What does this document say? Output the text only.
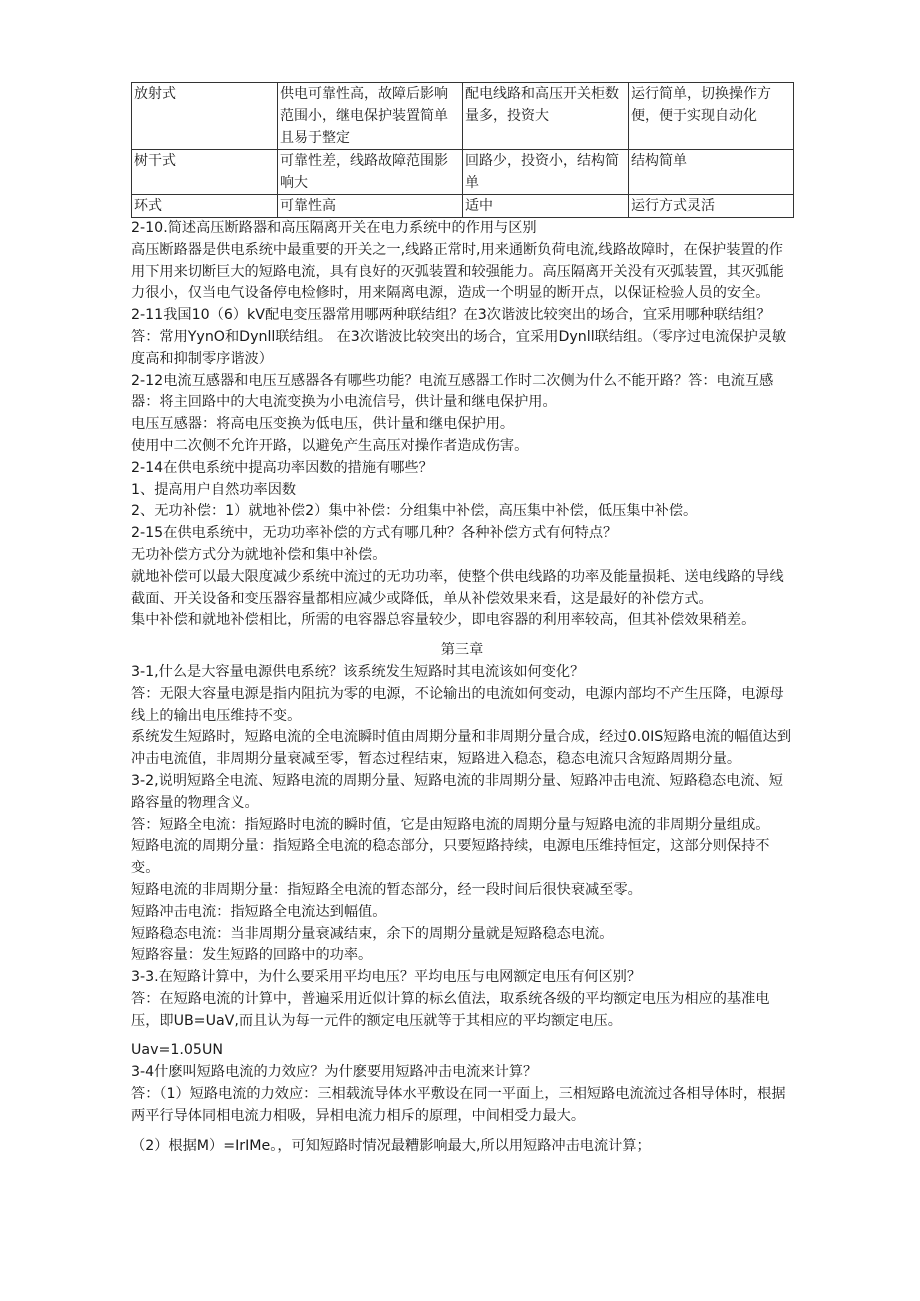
放射式	供电可靠性高，故障后影响范围小，继电保护装置简单且易于整定	配电线路和高压开关柜数量多，投资大	运行简单，切换操作方便，便于实现自动化
树干式	可靠性差，线路故障范围影响大	回路少，投资小，结构简单	结构简单
环式	可靠性高	适中	运行方式灵活

2-10.简述高压断路器和高压隔离开关在电力系统中的作用与区别

高压断路器是供电系统中最重要的开关之一,线路正常时,用来通断负荷电流,线路故障时，在保护装置的作用下用来切断巨大的短路电流，具有良好的灭弧装置和较强能力。高压隔离开关没有灭弧装置，其灭弧能力很小，仅当电气设备停电检修时，用来隔离电源，造成一个明显的断开点，以保证检验人员的安全。

2-11我国10（6）kV配电变压器常用哪两种联结组？在3次谐波比较突出的场合，宜采用哪种联结组？

答：常用YynO和Dynll联结组。 在3次谐波比较突出的场合，宜采用Dynll联结组。（零序过电流保护灵敏度高和抑制零序谐波）

2-12电流互感器和电压互感器各有哪些功能？电流互感器工作时二次侧为什么不能开路？答：电流互感器：将主回路中的大电流变换为小电流信号，供计量和继电保护用。

电压互感器：将高电压变换为低电压，供计量和继电保护用。

使用中二次侧不允许开路，以避免产生高压对操作者造成伤害。

2-14在供电系统中提高功率因数的措施有哪些？

1、提高用户自然功率因数

2、无功补偿：1）就地补偿2）集中补偿：分组集中补偿，高压集中补偿，低压集中补偿。

2-15在供电系统中，无功功率补偿的方式有哪几种？各种补偿方式有何特点？

无功补偿方式分为就地补偿和集中补偿。

就地补偿可以最大限度减少系统中流过的无功功率，使整个供电线路的功率及能量损耗、送电线路的导线截面、开关设备和变压器容量都相应减少或降低，单从补偿效果来看，这是最好的补偿方式。

集中补偿和就地补偿相比，所需的电容器总容量较少，即电容器的利用率较高，但其补偿效果稍差。

第三章

3-1,什么是大容量电源供电系统？该系统发生短路时其电流该如何变化？

答：无限大容量电源是指内阻抗为零的电源，不论输出的电流如何变动，电源内部均不产生压降，电源母线上的输出电压维持不变。

系统发生短路时，短路电流的全电流瞬时值由周期分量和非周期分量合成，经过0.0IS短路电流的幅值达到冲击电流值，非周期分量衰减至零，暂态过程结束，短路进入稳态，稳态电流只含短路周期分量。

3-2,说明短路全电流、短路电流的周期分量、短路电流的非周期分量、短路冲击电流、短路稳态电流、短路容量的物理含义。

答：短路全电流：指短路时电流的瞬时值，它是由短路电流的周期分量与短路电流的非周期分量组成。

短路电流的周期分量：指短路全电流的稳态部分，只要短路持续，电源电压维持恒定，这部分则保持不变。

短路电流的非周期分量：指短路全电流的暂态部分，经一段时间后很快衰减至零。

短路冲击电流：指短路全电流达到幅值。

短路稳态电流：当非周期分量衰减结束，余下的周期分量就是短路稳态电流。

短路容量：发生短路的回路中的功率。

3-3.在短路计算中，为什么要采用平均电压？平均电压与电网额定电压有何区别？

答：在短路电流的计算中，普遍采用近似计算的标幺值法，取系统各级的平均额定电压为相应的基准电压，即UB=UaV,而且认为每一元件的额定电压就等于其相应的平均额定电压。

Uav=1.05UN

3-4什麽叫短路电流的力效应？为什麽要用短路冲击电流来计算？

答：（1）短路电流的力效应：三相载流导体水平敷设在同一平面上，三相短路电流流过各相导体时，根据两平行导体同相电流力相吸，异相电流力相斥的原理，中间相受力最大。

（2）根据M）=IrIMe。，可知短路时情况最糟影响最大,所以用短路冲击电流计算；
